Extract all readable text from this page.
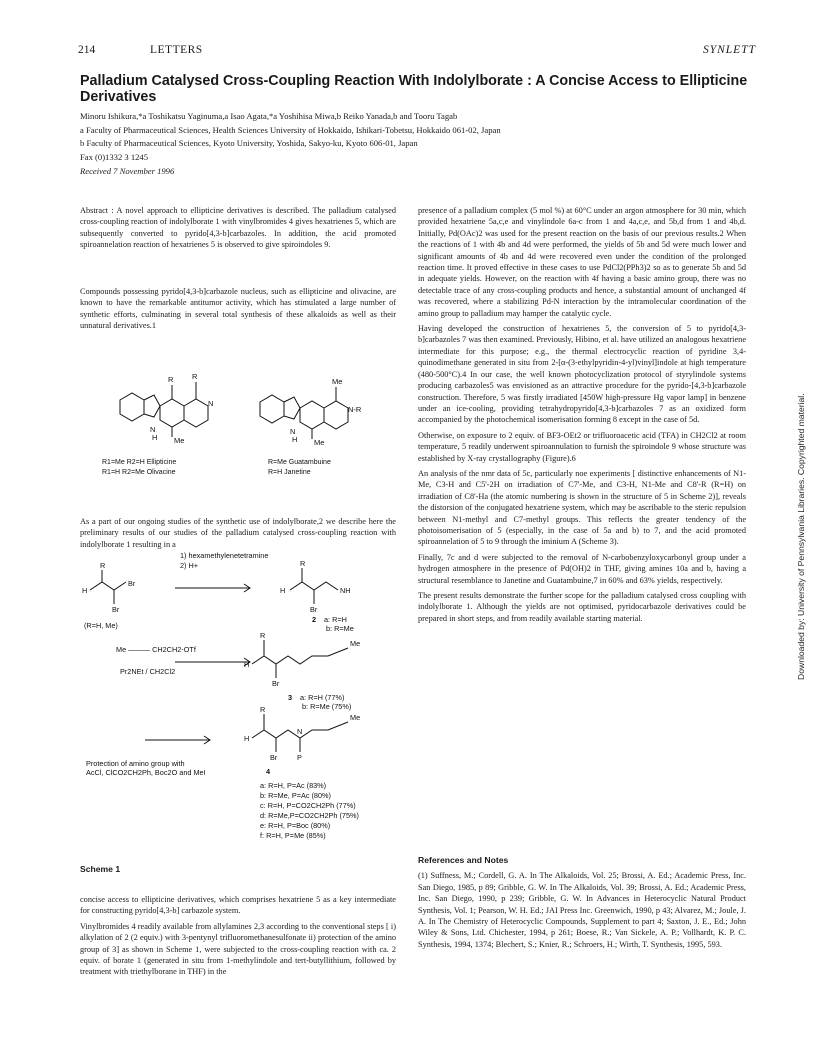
214	LETTERS	SYNLETT
Palladium Catalysed Cross-Coupling Reaction With Indolylborate : A Concise Access to Ellipticine Derivatives
Minoru Ishikura,*a Toshikatsu Yaginuma,a Isao Agata,*a Yoshihisa Miwa,b Reiko Yanada,b and Tooru Tagab
a Faculty of Pharmaceutical Sciences, Health Sciences University of Hokkaido, Ishikari-Tobetsu, Hokkaido 061-02, Japan
b Faculty of Pharmaceutical Sciences, Kyoto University, Yoshida, Sakyo-ku, Kyoto 606-01, Japan
Fax (0)1332 3 1245
Received 7 November 1996
Abstract : A novel approach to ellipticine derivatives is described. The palladium catalysed cross-coupling reaction of indolylborate 1 with vinylbromides 4 gives hexatrienes 5, which are subsequently converted to pyrido[4,3-b]carbazoles. In addition, the acid promoted spiroannelation reaction of hexatrienes 5 is observed to give spiroindoles 9.
Compounds possessing pyrido[4,3-b]carbazole nucleus, such as ellipticine and olivacine, are known to have the remarkable antitumor activity, which has stimulated a large number of synthetic efforts, culminating in several total synthesis of these alkaloids as well as their unnatural derivatives.1
R R
N
N
H Me
Me
N-R
N
H Me
R1=Me R2=H Ellipticine
R1=H R2=Me Olivacine
R=Me Guatambuine
R=H Janetine
As a part of our ongoing studies of the synthetic use of indolylborate,2 we describe here the preliminary results of our studies of the palladium catalysed cross-coupling reaction with indolylborate 1 resulting in a
R
H
Br
Br
1) hexamethylenetetramine
2) H+
(R=H, Me)
R
H	NH
Br
2 a: R=H
b: R=Me
Me ——— CH2CH2-OTf
Pr2NEt / CH2Cl2
R
H
Me
Br
3 a: R=H (77%)
b: R=Me (75%)
R
H
Me
Br
N
P
Protection of amino group with
AcCl, ClCO2CH2Ph, Boc2O and MeI	4
a: R=H, P=Ac (83%)
b: R=Me, P=Ac (80%)
c: R=H, P=CO2CH2Ph (77%)
d: R=Me,P=CO2CH2Ph (75%)
e: R=H, P=Boc (80%)
f: R=H, P=Me (85%)
Scheme 1

concise access to ellipticine derivatives, which comprises hexatriene 5 as a key intermediate for constructing pyrido[4,3-b] carbazole system.

Vinylbromides 4 readily available from allylamines 2,3 according to the conventional steps [ i) alkylation of 2 (2 equiv.) with 3-pentynyl trifluoromethanesulfonate ii) protection of the amino group of 3] as shown in Scheme 1, were subjected to the cross-coupling reaction with ca. 2 equiv. of borate 1 (generated in situ from 1-methylindole and tert-butyllithium, followed by treatment with triethylborane in THF) in the

presence of a palladium complex (5 mol %) at 60°C under an argon atmosphere for 30 min, which provided hexatriene 5a,c,e and vinylindole 6a-c from 1 and 4a,c,e, and 5b,d from 1 and 4b,d. Initially, Pd(OAc)2 was used for the present reaction on the basis of our previous results.2 When the reactions of 1 with 4b and 4d were performed, the yields of 5b and 5d were much lower and significant amounts of 4b and 4d were recovered even under the condition of the prolonged reaction time. It proved effective in these cases to use PdCl2(PPh3)2 so as to generate 5b and 5d in adequate yields. However, on the reaction with 4f having a basic amino group, there was no detectable trace of any cross-coupling products and hence, a substantial amount of unchanged 4f was recovered, where a stabilizing Pd-N interaction by the intramolecular coordination of the amino group to palladium may hamper the catalytic cycle.

Having developed the construction of hexatrienes 5, the conversion of 5 to pyrido[4,3-b]carbazoles 7 was then examined. Previously, Hibino, et al. have utilized an analogous hexatriene intermediate for this purpose; e.g., the thermal electrocyclic reaction of pyridine 3,4-quinodimethane generated in situ from 2-[α-(3-ethylpyridin-4-yl)vinyl]indole at high temperature (480-500°C).4 In our case, the well known photocyclization protocol of styrylindole systems producing carbazoles5 was envisioned as an attractive procedure for the pyrido-[4,3-b]carbazole construction. Therefore, 5 was firstly irradiated [450W high-pressure Hg vapor lamp] in benzene under an ice-cooling, providing tetrahydropyrido[4,3-b]carbazoles 7 as an oxidized form accompanied by the photochemical isomerisation forming 8 except in the case of 5d.

Otherwise, on exposure to 2 equiv. of BF3-OEt2 or trifluoroacetic acid (TFA) in CH2Cl2 at room temperature, 5 readily underwent spiroannulation to furnish the spiroindole 9 whose structure was established by X-ray crystallography (Figure).6

An analysis of the nmr data of 5c, particularly noe experiments [ distinctive enhancements of N1-Me, C3-H and C5'-2H on irradiation of C7'-Me, and C3-H, N1-Me and C8'-R (R=H) on irradiation of C8'-Ha (the atomic numbering is shown in the structure of 5 in Scheme 2)], reveals the distorsion of the conjugated hexatriene system, which may be ascribable to the steric repulsion between N1-methyl and C7-methyl groups. This reflects the greater tendency of the photoisomerisation of 5 (especially, in the case of 5a and b) to 7, and the acid promoted spiroannelation of 5 to 9 through the iminium A (Scheme 3).

Finally, 7c and d were subjected to the removal of N-carbobenzyloxycarbonyl group under a hydrogen atmosphere in the presence of Pd(OH)2 in THF, giving amines 10a and b, having a structural resemblance to Janetine and Guatambuine,7 in 60% and 63% yields, respectively.

The present results demonstrate the further scope for the palladium catalysed cross coupling with indolylborate 1. Although the yields are not optimised, pyridocarbazole derivatives could be prepared in short steps, and from readily available starting material.

References and Notes

(1) Suffness, M.; Cordell, G. A. In The Alkaloids, Vol. 25; Brossi, A. Ed.; Academic Press, Inc. San Diego, 1985, p 89; Gribble, G. W. In The Alkaloids, Vol. 39; Brossi, A. Ed.; Academic Press, Inc. San Diego, 1990, p 239; Gribble, G. W. In Advances in Heterocyclic Natural Product Synthesis, Vol. 1; Pearson, W. H. Ed.; JAI Press Inc. Greenwich, 1990, p 43; Alvarez, M.; Joule, J. A. In The Chemistry of Heterocyclic Compounds, Supplement to part 4; Saxton, J. E., Ed.; John Wiley & Sons, Ltd. Chichester, 1994, p 261; Boese, R.; Van Sickele, A. P.; Vollhardt, K. P. C. Synthesis, 1994, 1374; Blechert, S.; Knier, R.; Schroers, H.; Wirth, T. Synthesis, 1995, 593.

Downloaded by: University of Pennsylvania Libraries. Copyrighted material.
